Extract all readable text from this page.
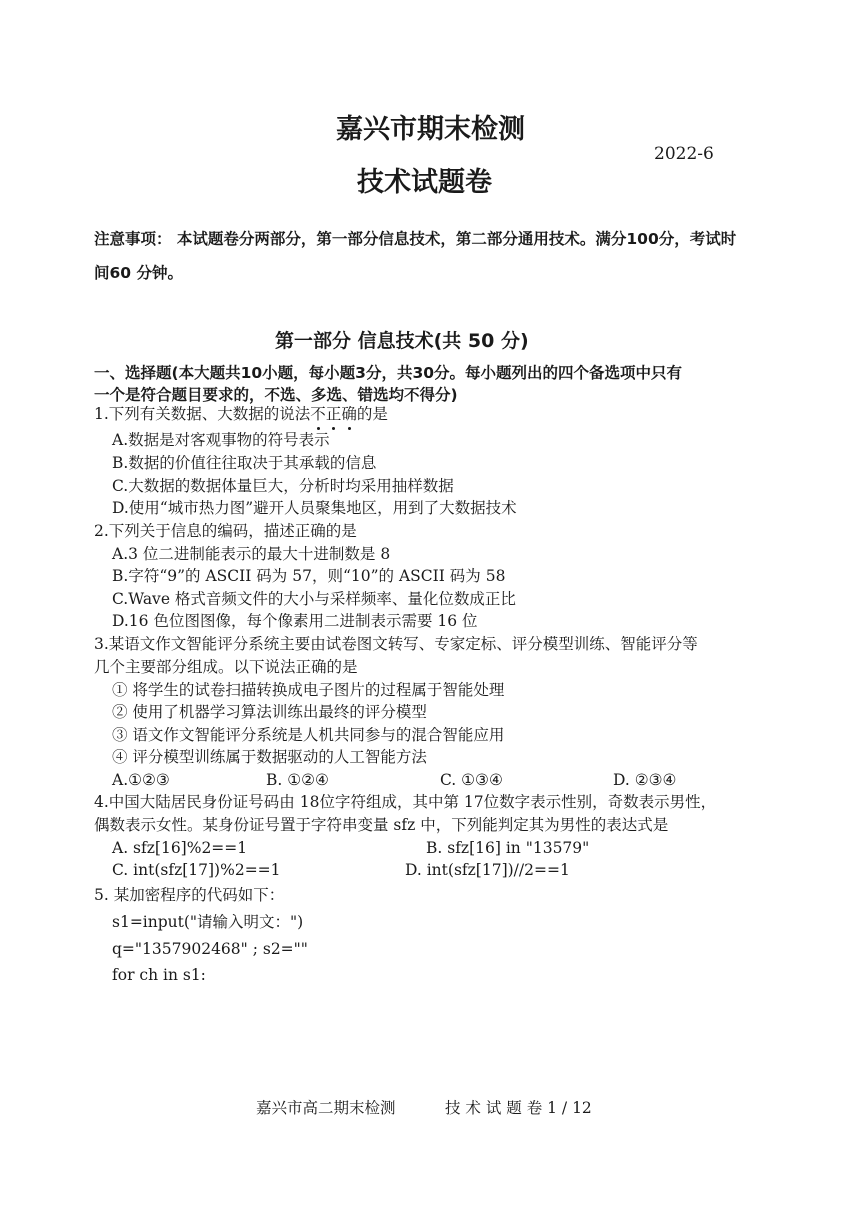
嘉兴市期末检测
2022-6
技术试题卷
注意事项： 本试题卷分两部分，第一部分信息技术，第二部分通用技术。满分100分，考试时
间60 分钟。
第一部分 信息技术(共 50 分)
一、选择题(本大题共10小题，每小题3分，共30分。每小题列出的四个备选项中只有
一个是符合题目要求的，不选、多选、错选均不得分)
1.下列有关数据、大数据的说法不正确的是
A.数据是对客观事物的符号表示
B.数据的价值往往取决于其承载的信息
C.大数据的数据体量巨大，分析时均采用抽样数据
D.使用“城市热力图”避开人员聚集地区，用到了大数据技术
2.下列关于信息的编码，描述正确的是
A.3 位二进制能表示的最大十进制数是 8
B.字符“9”的 ASCII 码为 57，则“10”的 ASCII 码为 58
C.Wave 格式音频文件的大小与采样频率、量化位数成正比
D.16 色位图图像，每个像素用二进制表示需要 16 位
3.某语文作文智能评分系统主要由试卷图文转写、专家定标、评分模型训练、智能评分等
几个主要部分组成。以下说法正确的是
① 将学生的试卷扫描转换成电子图片的过程属于智能处理
② 使用了机器学习算法训练出最终的评分模型
③ 语文作文智能评分系统是人机共同参与的混合智能应用
④ 评分模型训练属于数据驱动的人工智能方法
A.①②③	B. ①②④	C. ①③④	D. ②③④
4.中国大陆居民身份证号码由 18位字符组成，其中第 17位数字表示性别，奇数表示男性，
偶数表示女性。某身份证号置于字符串变量 sfz 中，下列能判定其为男性的表达式是
A. sfz[16]%2==1	B. sfz[16] in "13579"
C. int(sfz[17])%2==1	D. int(sfz[17])//2==1
5. 某加密程序的代码如下：
s1=input("请输入明文：")
q="1357902468" ; s2=""
for ch in s1:
嘉兴市高二期末检测	技 术 试 题 卷 1 / 12
